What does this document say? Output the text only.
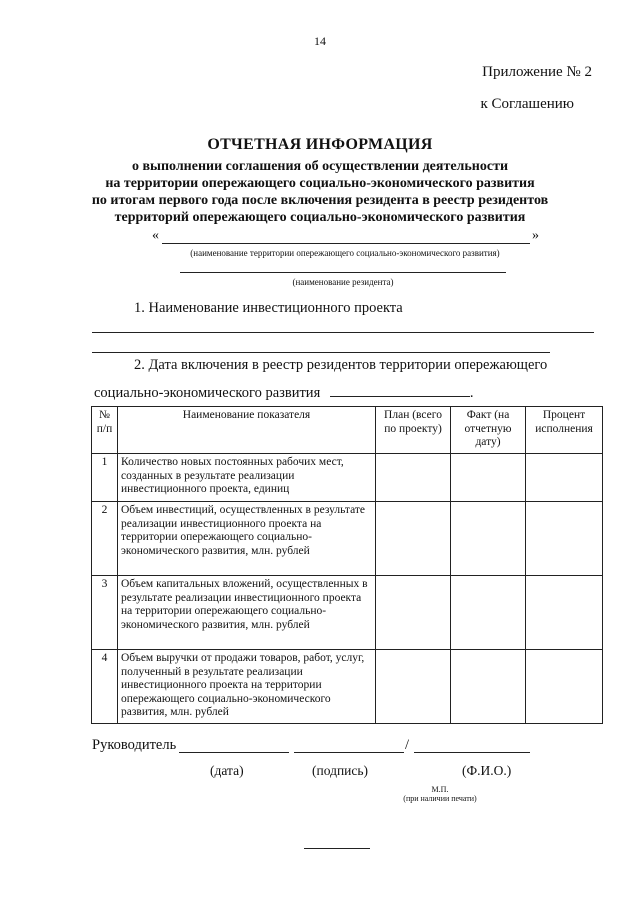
14
Приложение № 2
к Соглашению
ОТЧЕТНАЯ ИНФОРМАЦИЯ
о выполнении соглашения об осуществлении деятельности
на территории опережающего социально-экономического развития
по итогам первого года после включения резидента в реестр резидентов
территорий опережающего социально-экономического развития
«	»
(наименование территории опережающего социально-экономического развития)
(наименование резидента)
1. Наименование инвестиционного проекта
2. Дата включения в реестр резидентов территории опережающего
социально-экономического развития	.
№ п/п	Наименование показателя	План (всего по проекту)	Факт (на отчетную дату)	Процент исполнения
1	Количество новых постоянных рабочих мест, созданных в результате реализации инвестиционного проекта, единиц			
2	Объем инвестиций, осуществленных в результате реализации инвестиционного проекта на территории опережающего социально-экономического развития, млн. рублей			
3	Объем капитальных вложений, осуществленных в результате реализации инвестиционного проекта на территории опережающего социально-экономического развития, млн. рублей			
4	Объем выручки от продажи товаров, работ, услуг, полученный в результате реализации инвестиционного проекта на территории опережающего социально-экономического развития, млн. рублей			
Руководитель	/
(дата)	(подпись)	(Ф.И.О.)
М.П.
(при наличии печати)
